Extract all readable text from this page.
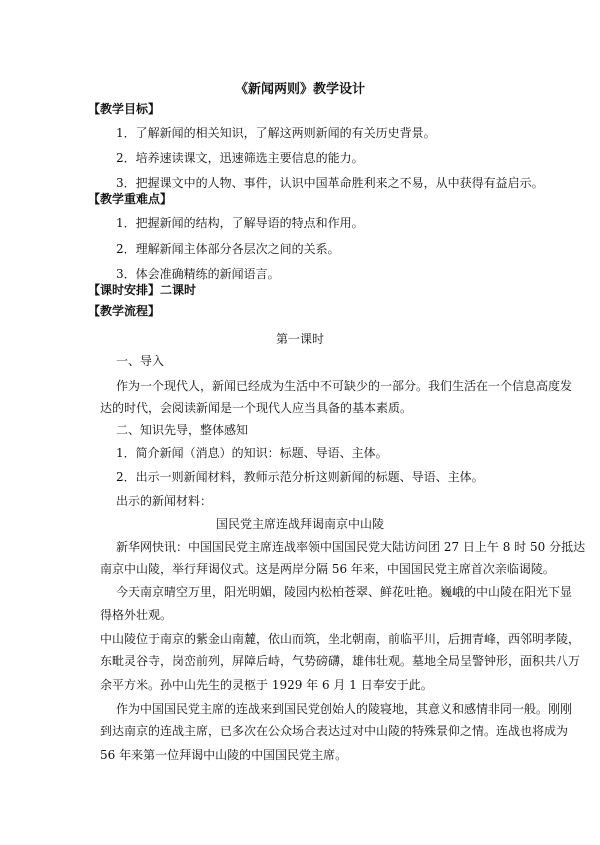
《新闻两则》教学设计
【教学目标】
1．了解新闻的相关知识，了解这两则新闻的有关历史背景。
2．培养速读课文，迅速筛选主要信息的能力。
3．把握课文中的人物、事件，认识中国革命胜利来之不易，从中获得有益启示。
【教学重难点】
1．把握新闻的结构，了解导语的特点和作用。
2．理解新闻主体部分各层次之间的关系。
3．体会准确精练的新闻语言。
【课时安排】二课时
【教学流程】
第一课时
一、导入
作为一个现代人，新闻已经成为生活中不可缺少的一部分。我们生活在一个信息高度发
达的时代，会阅读新闻是一个现代人应当具备的基本素质。
二、知识先导，整体感知
1．简介新闻（消息）的知识：标题、导语、主体。
2．出示一则新闻材料，教师示范分析这则新闻的标题、导语、主体。
出示的新闻材料：
国民党主席连战拜谒南京中山陵
新华网快讯：中国国民党主席连战率领中国国民党大陆访问团 27 日上午 8 时 50 分抵达
南京中山陵，举行拜谒仪式。这是两岸分隔 56 年来，中国国民党主席首次亲临谒陵。
今天南京晴空万里，阳光明媚，陵园内松柏苍翠、鲜花吐艳。巍峨的中山陵在阳光下显
得格外壮观。
中山陵位于南京的紫金山南麓，依山而筑，坐北朝南，前临平川，后拥青峰，西邻明孝陵，
东毗灵谷寺，岗峦前列，屏障后峙，气势磅礴，雄伟壮观。墓地全局呈警钟形，面积共八万
余平方米。孙中山先生的灵柩于 1929 年 6 月 1 日奉安于此。
作为中国国民党主席的连战来到国民党创始人的陵寝地，其意义和感情非同一般。刚刚
到达南京的连战主席，已多次在公众场合表达过对中山陵的特殊景仰之情。连战也将成为
56 年来第一位拜谒中山陵的中国国民党主席。
